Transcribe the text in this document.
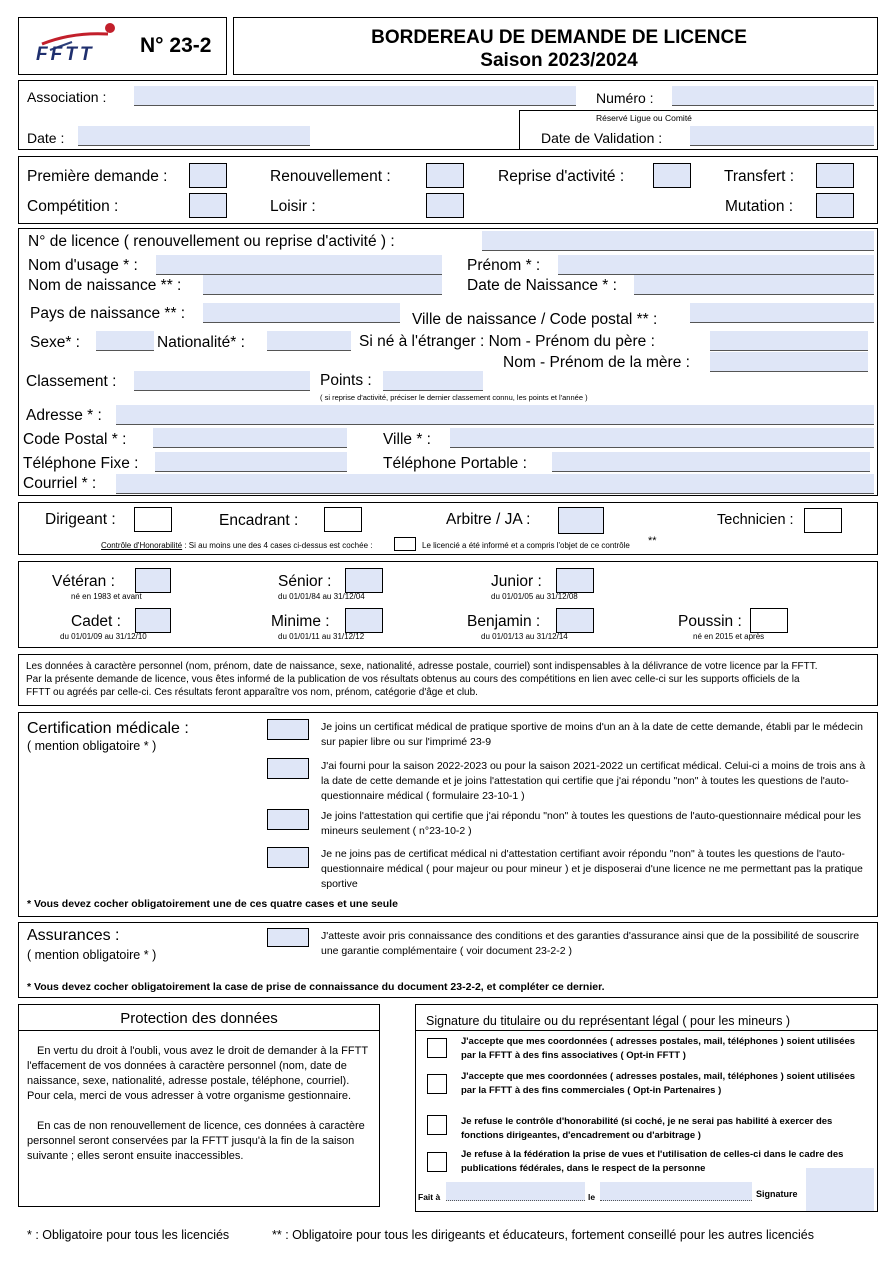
FFTT N° 23-2	BORDEREAU DE DEMANDE DE LICENCE
Saison 2023/2024
Association :	Numéro :
Date :
Réservé Ligue ou Comité
Date de Validation :
Première demande :	Renouvellement :	Reprise d'activité :	Transfert :
Compétition :	Loisir :	Mutation :
N° de licence ( renouvellement ou reprise d'activité ) :
Nom d'usage * :	Prénom * :
Nom de naissance ** :	Date de Naissance * :
Pays de naissance ** :	Ville de naissance / Code postal ** :
Sexe* :	Nationalité* :	Si né à l'étranger : Nom - Prénom du père :
Nom - Prénom de la mère :
Classement :	Points :
( si reprise d'activité, préciser le dernier classement connu, les points et l'année )
Adresse * :
Code Postal * :	Ville * :
Téléphone Fixe :	Téléphone Portable :
Courriel * :
Dirigeant :	Encadrant :	Arbitre / JA :	Technicien :
Contrôle d'Honorabilité : Si au moins une des 4 cases ci-dessus est cochée :	Le licencié a été informé et a compris l'objet de ce contrôle **
Vétéran :
né en 1983 et avant
Sénior :
du 01/01/84 au 31/12/04
Junior :
du 01/01/05 au 31/12/08
Cadet :
du 01/01/09 au 31/12/10
Minime :
du 01/01/11 au 31/12/12
Benjamin :
du 01/01/13 au 31/12/14
Poussin :
né en 2015 et après
Les données à caractère personnel (nom, prénom, date de naissance, sexe, nationalité, adresse postale, courriel) sont indispensables à la délivrance de votre licence par la FFTT.
Par la présente demande de licence, vous êtes informé de la publication de vos résultats obtenus au cours des compétitions en lien avec celle-ci sur les supports officiels de la
FFTT ou agréés par celle-ci. Ces résultats feront apparaître vos nom, prénom, catégorie d'âge et club.
Certification médicale :
( mention obligatoire * )
Je joins un certificat médical de pratique sportive de moins d'un an à la date de cette demande, établi par le médecin sur papier libre ou sur l'imprimé 23-9
J'ai fourni pour la saison 2022-2023 ou pour la saison 2021-2022 un certificat médical. Celui-ci a moins de trois ans à la date de cette demande et je joins l'attestation qui certifie que j'ai répondu "non" à toutes les questions de l'auto-questionnaire médical ( formulaire 23-10-1 )
Je joins l'attestation qui certifie que j'ai répondu "non" à toutes les questions de l'auto-questionnaire médical pour les mineurs seulement ( n°23-10-2 )
Je ne joins pas de certificat médical ni d'attestation certifiant avoir répondu "non" à toutes les questions de l'auto-questionnaire médical ( pour majeur ou pour mineur ) et je disposerai d'une licence ne me permettant pas la pratique sportive
* Vous devez cocher obligatoirement une de ces quatre cases et une seule
Assurances :
( mention obligatoire * )
J'atteste avoir pris connaissance des conditions et des garanties d'assurance ainsi que de la possibilité de souscrire une garantie complémentaire ( voir document 23-2-2 )
* Vous devez cocher obligatoirement la case de prise de connaissance du document 23-2-2, et compléter ce dernier.
Protection des données
En vertu du droit à l'oubli, vous avez le droit de demander à la FFTT l'effacement de vos données à caractère personnel (nom, date de naissance, sexe, nationalité, adresse postale, téléphone, courriel). Pour cela, merci de vous adresser à votre organisme gestionnaire.
En cas de non renouvellement de licence, ces données à caractère personnel seront conservées par la FFTT jusqu'à la fin de la saison suivante ; elles seront ensuite inaccessibles.
Signature du titulaire ou du représentant légal ( pour les mineurs )
J'accepte que mes coordonnées ( adresses postales, mail, téléphones ) soient utilisées par la FFTT à des fins associatives ( Opt-in FFTT )
J'accepte que mes coordonnées ( adresses postales, mail, téléphones ) soient utilisées par la FFTT à des fins commerciales ( Opt-in Partenaires )
Je refuse le contrôle d'honorabilité (si coché, je ne serai pas habilité à exercer des fonctions dirigeantes, d'encadrement ou d'arbitrage )
Je refuse à la fédération la prise de vues et l'utilisation de celles-ci dans le cadre des publications fédérales, dans le respect de la personne
Fait à	le	Signature
* : Obligatoire pour tous les licenciés	** : Obligatoire pour tous les dirigeants et éducateurs, fortement conseillé pour les autres licenciés
